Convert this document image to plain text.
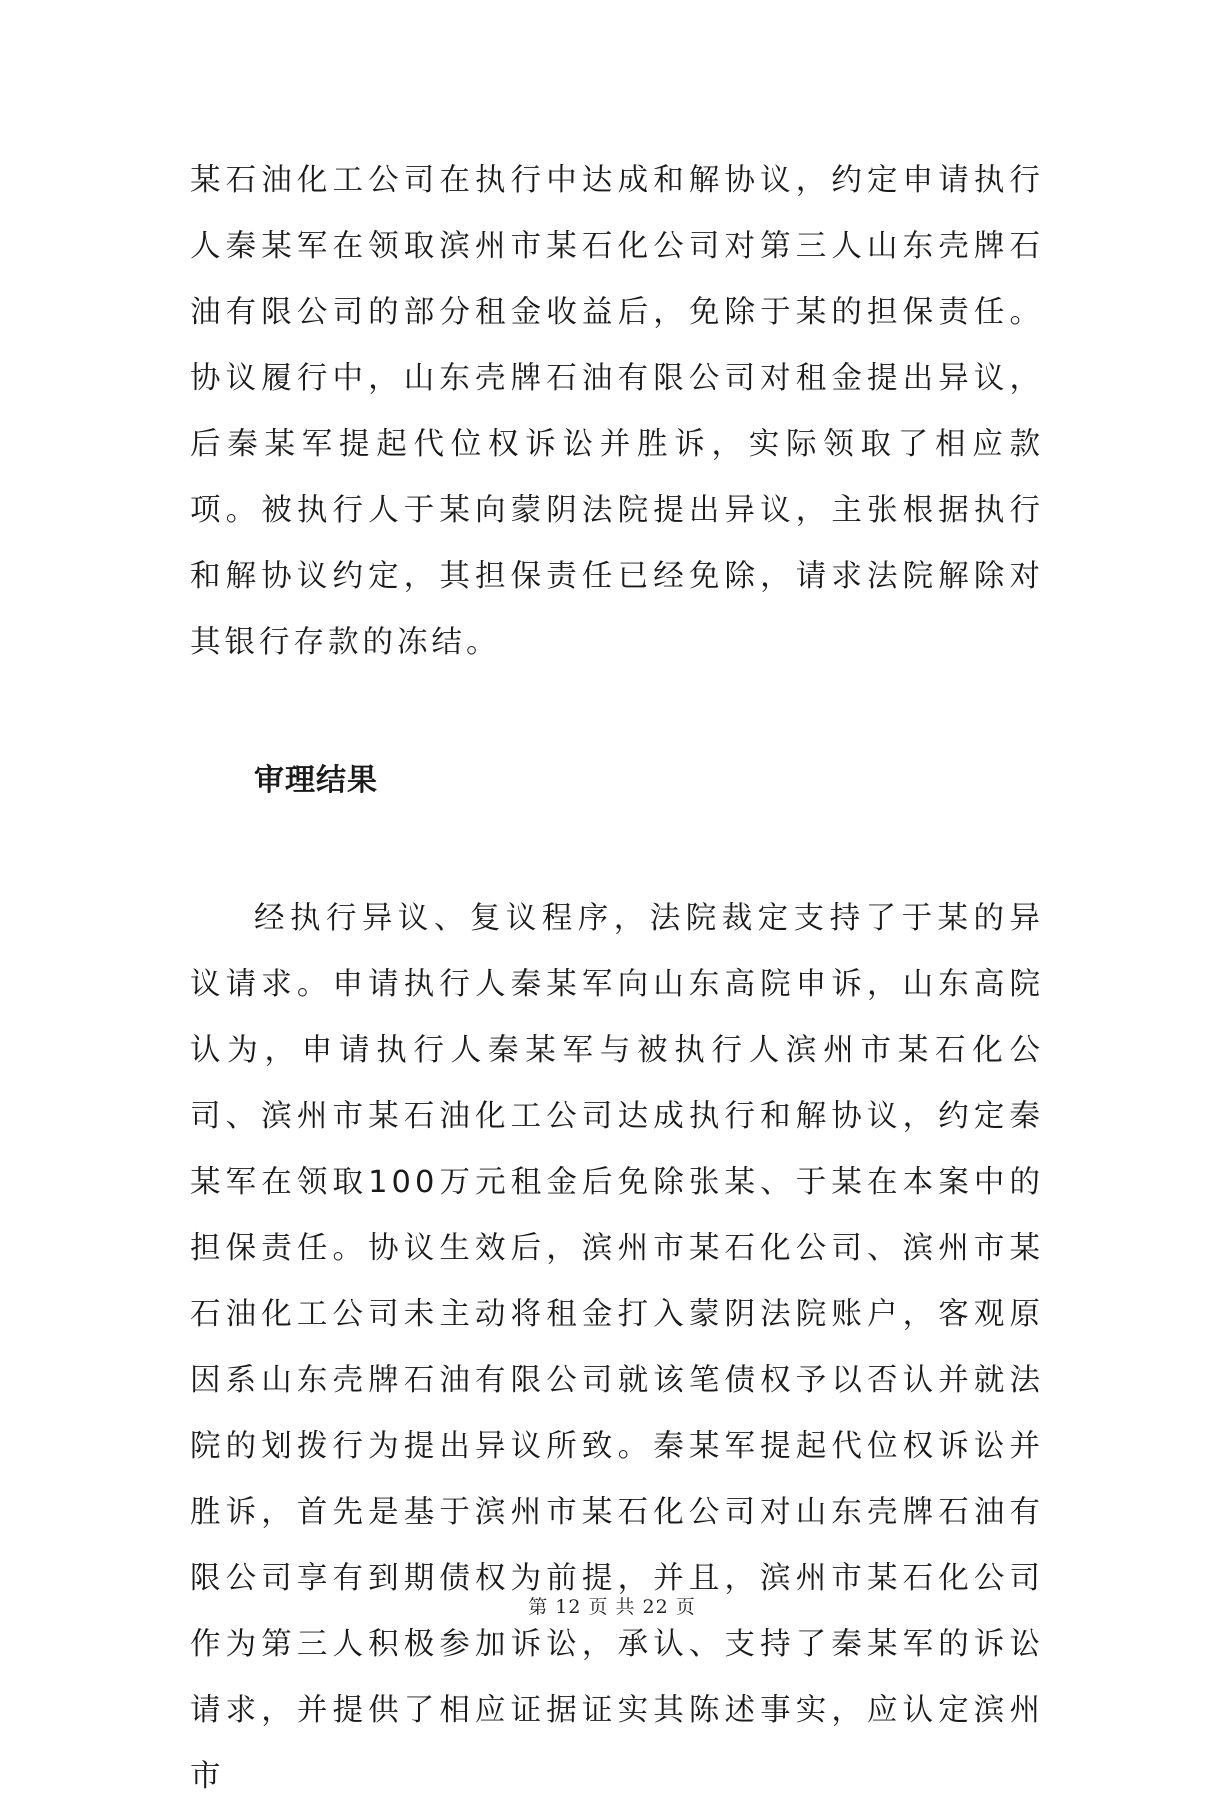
某石油化工公司在执行中达成和解协议，约定申请执行人秦某军在领取滨州市某石化公司对第三人山东壳牌石油有限公司的部分租金收益后，免除于某的担保责任。协议履行中，山东壳牌石油有限公司对租金提出异议，后秦某军提起代位权诉讼并胜诉，实际领取了相应款项。被执行人于某向蒙阴法院提出异议，主张根据执行和解协议约定，其担保责任已经免除，请求法院解除对其银行存款的冻结。

审理结果

经执行异议、复议程序，法院裁定支持了于某的异议请求。申请执行人秦某军向山东高院申诉，山东高院认为，申请执行人秦某军与被执行人滨州市某石化公司、滨州市某石油化工公司达成执行和解协议，约定秦某军在领取100万元租金后免除张某、于某在本案中的担保责任。协议生效后，滨州市某石化公司、滨州市某石油化工公司未主动将租金打入蒙阴法院账户，客观原因系山东壳牌石油有限公司就该笔债权予以否认并就法院的划拨行为提出异议所致。秦某军提起代位权诉讼并胜诉，首先是基于滨州市某石化公司对山东壳牌石油有限公司享有到期债权为前提，并且，滨州市某石化公司作为第三人积极参加诉讼，承认、支持了秦某军的诉讼请求，并提供了相应证据证实其陈述事实，应认定滨州市

第 12 页 共 22 页
